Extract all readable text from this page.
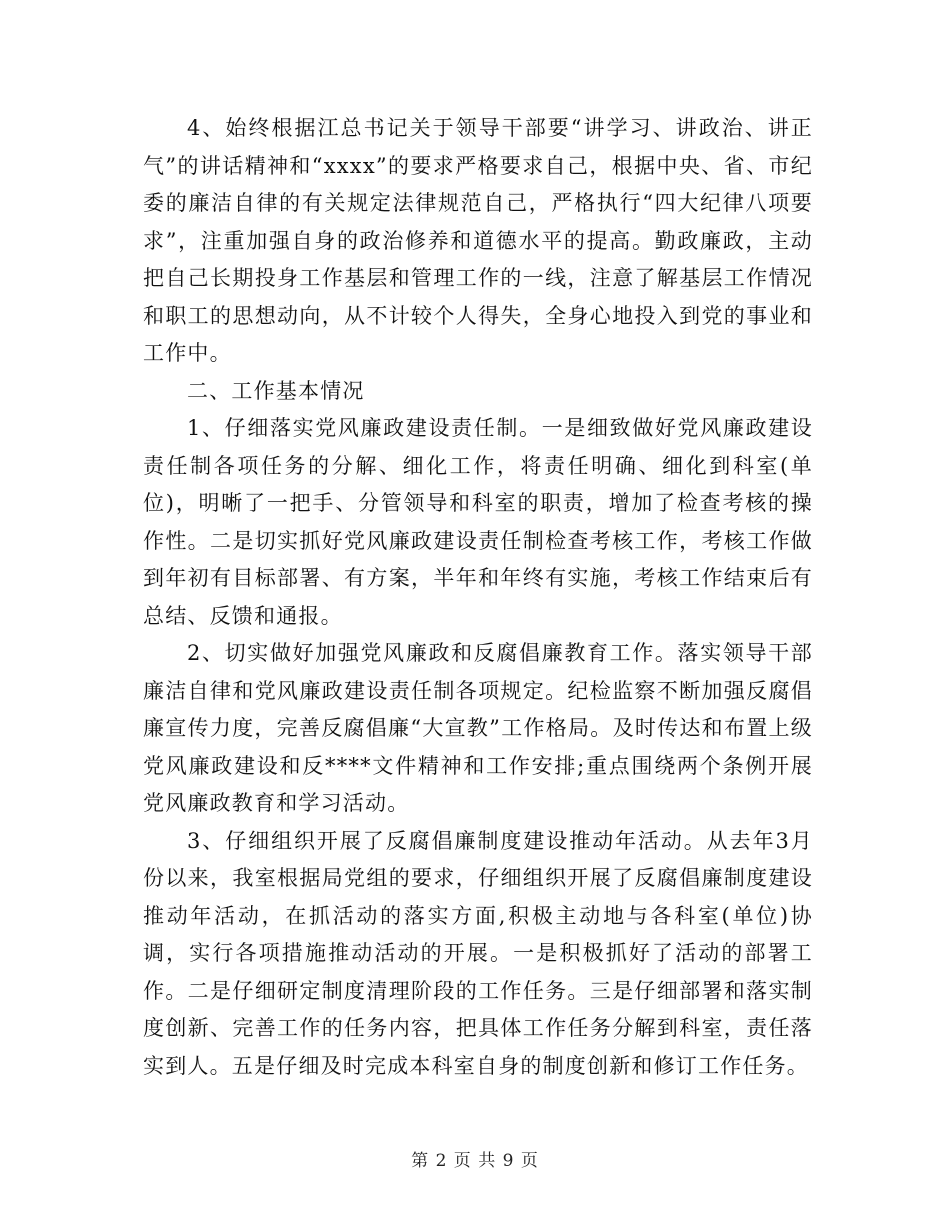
4、始终根据江总书记关于领导干部要“讲学习、讲政治、讲正气”的讲话精神和“xxxx”的要求严格要求自己，根据中央、省、市纪委的廉洁自律的有关规定法律规范自己，严格执行“四大纪律八项要求”，注重加强自身的政治修养和道德水平的提高。勤政廉政，主动把自己长期投身工作基层和管理工作的一线，注意了解基层工作情况和职工的思想动向，从不计较个人得失，全身心地投入到党的事业和工作中。

二、工作基本情况

1、仔细落实党风廉政建设责任制。一是细致做好党风廉政建设责任制各项任务的分解、细化工作，将责任明确、细化到科室(单位)，明晰了一把手、分管领导和科室的职责，增加了检查考核的操作性。二是切实抓好党风廉政建设责任制检查考核工作，考核工作做到年初有目标部署、有方案，半年和年终有实施，考核工作结束后有总结、反馈和通报。

2、切实做好加强党风廉政和反腐倡廉教育工作。落实领导干部廉洁自律和党风廉政建设责任制各项规定。纪检监察不断加强反腐倡廉宣传力度，完善反腐倡廉“大宣教”工作格局。及时传达和布置上级党风廉政建设和反****文件精神和工作安排;重点围绕两个条例开展党风廉政教育和学习活动。

3、仔细组织开展了反腐倡廉制度建设推动年活动。从去年3月份以来，我室根据局党组的要求，仔细组织开展了反腐倡廉制度建设推动年活动，在抓活动的落实方面,积极主动地与各科室(单位)协调，实行各项措施推动活动的开展。一是积极抓好了活动的部署工作。二是仔细研定制度清理阶段的工作任务。三是仔细部署和落实制度创新、完善工作的任务内容，把具体工作任务分解到科室，责任落实到人。五是仔细及时完成本科室自身的制度创新和修订工作任务。

第 2 页 共 9 页
